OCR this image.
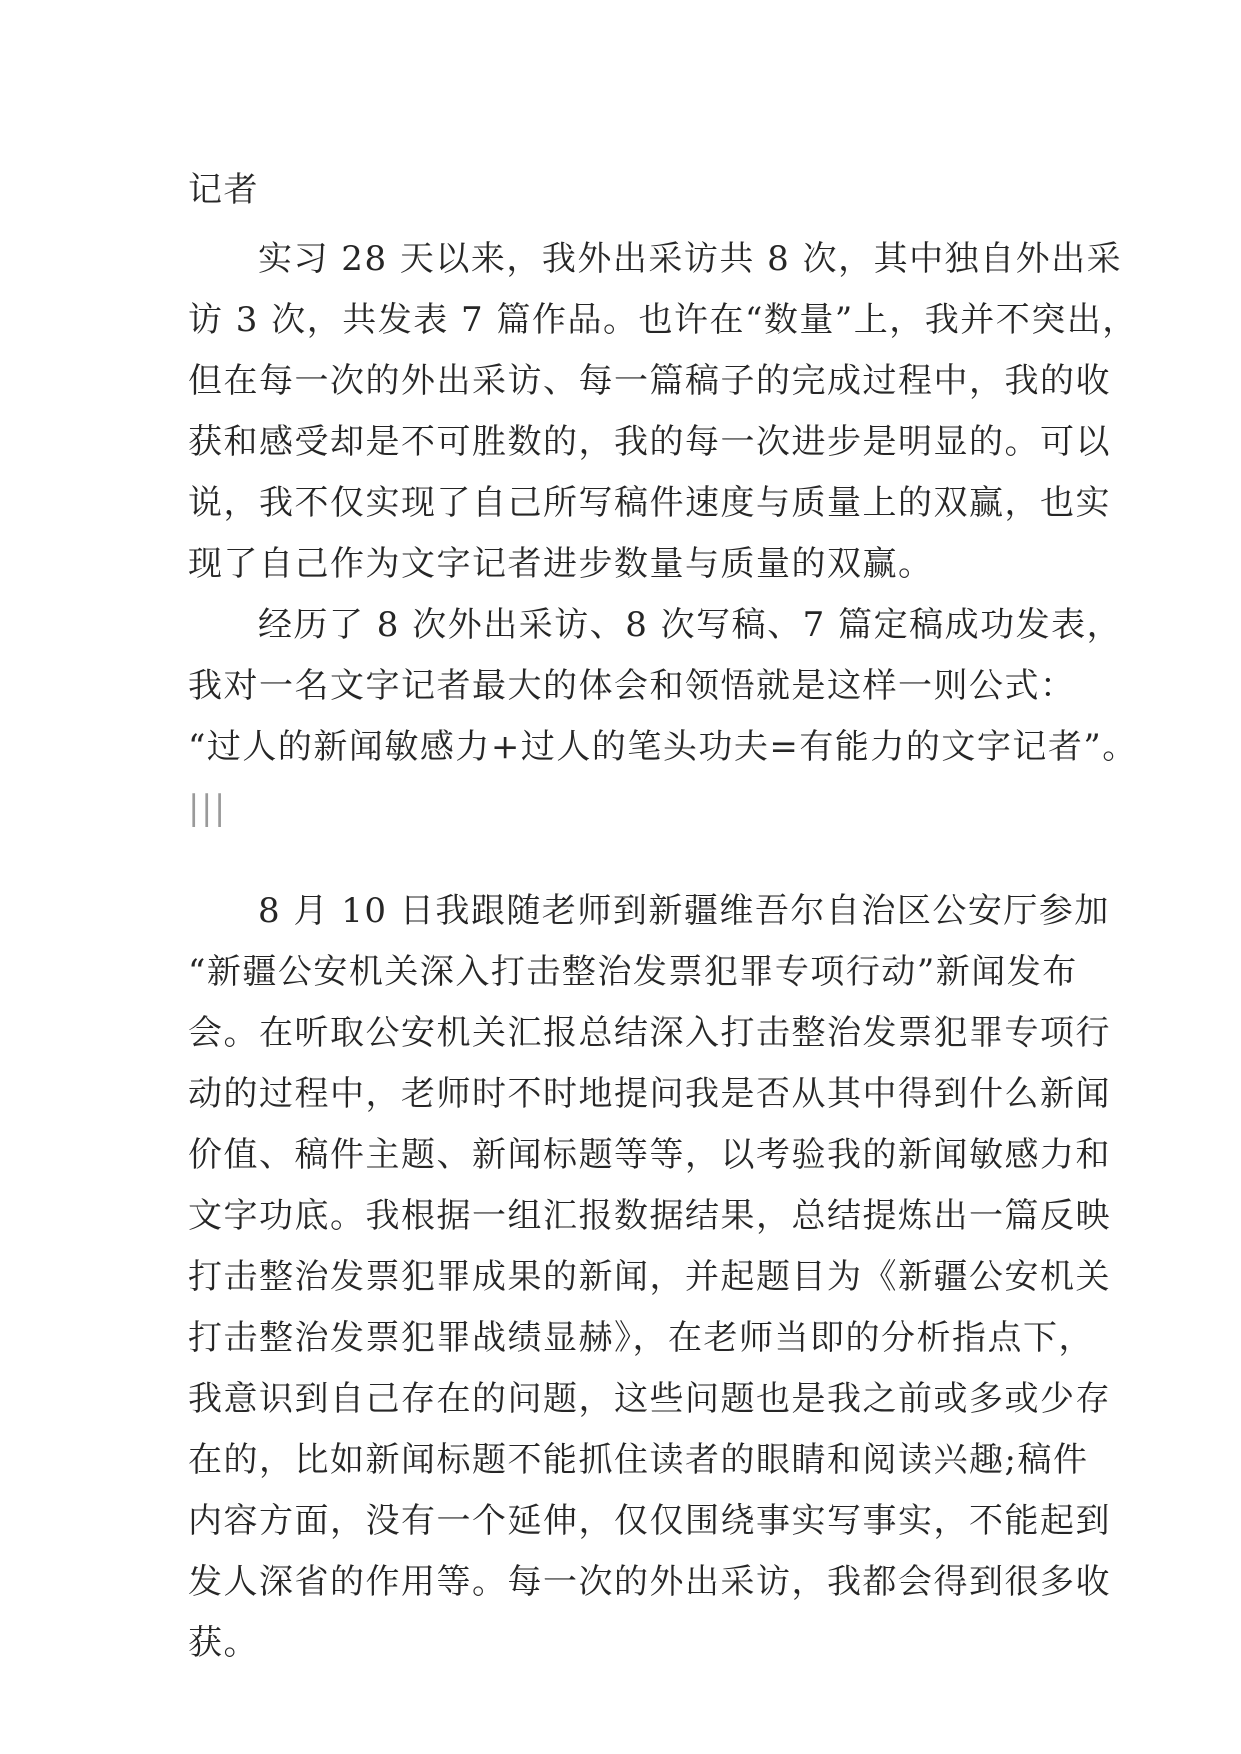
记者
实习 28 天以来，我外出采访共 8 次，其中独自外出采
访 3 次，共发表 7 篇作品。也许在“数量”上，我并不突出，
但在每一次的外出采访、每一篇稿子的完成过程中，我的收
获和感受却是不可胜数的，我的每一次进步是明显的。可以
说，我不仅实现了自己所写稿件速度与质量上的双赢，也实
现了自己作为文字记者进步数量与质量的双赢。
经历了 8 次外出采访、8 次写稿、7 篇定稿成功发表，
我对一名文字记者最大的体会和领悟就是这样一则公式：
“过人的新闻敏感力+过人的笔头功夫=有能力的文字记者”。
|||
8 月 10 日我跟随老师到新疆维吾尔自治区公安厅参加
“新疆公安机关深入打击整治发票犯罪专项行动”新闻发布
会。在听取公安机关汇报总结深入打击整治发票犯罪专项行
动的过程中，老师时不时地提问我是否从其中得到什么新闻
价值、稿件主题、新闻标题等等，以考验我的新闻敏感力和
文字功底。我根据一组汇报数据结果，总结提炼出一篇反映
打击整治发票犯罪成果的新闻，并起题目为《新疆公安机关
打击整治发票犯罪战绩显赫》，在老师当即的分析指点下，
我意识到自己存在的问题，这些问题也是我之前或多或少存
在的，比如新闻标题不能抓住读者的眼睛和阅读兴趣;稿件
内容方面，没有一个延伸，仅仅围绕事实写事实，不能起到
发人深省的作用等。每一次的外出采访，我都会得到很多收
获。
